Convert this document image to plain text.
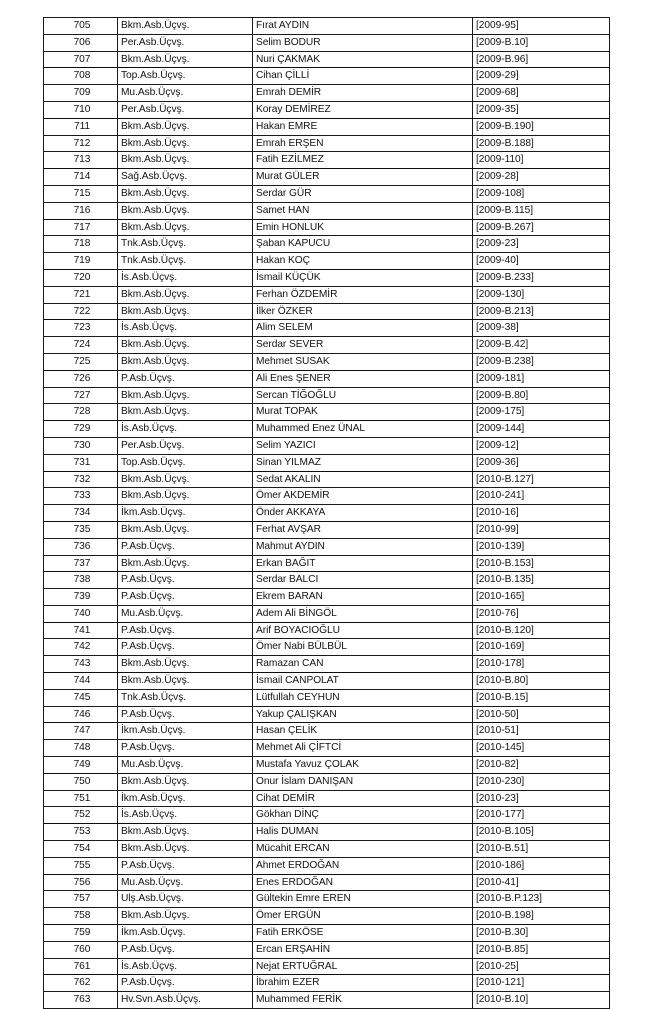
705	Bkm.Asb.Üçvş.	Fırat AYDIN	[2009-95]
706	Per.Asb.Üçvş.	Selim BODUR	[2009-B.10]
707	Bkm.Asb.Üçvş.	Nuri ÇAKMAK	[2009-B.96]
708	Top.Asb.Üçvş.	Cihan ÇİLLİ	[2009-29]
709	Mu.Asb.Üçvş.	Emrah DEMİR	[2009-68]
710	Per.Asb.Üçvş.	Koray DEMİREZ	[2009-35]
711	Bkm.Asb.Üçvş.	Hakan EMRE	[2009-B.190]
712	Bkm.Asb.Üçvş.	Emrah ERŞEN	[2009-B.188]
713	Bkm.Asb.Üçvş.	Fatih EZİLMEZ	[2009-110]
714	Sağ.Asb.Üçvş.	Murat GÜLER	[2009-28]
715	Bkm.Asb.Üçvş.	Serdar GÜR	[2009-108]
716	Bkm.Asb.Üçvş.	Samet HAN	[2009-B.115]
717	Bkm.Asb.Üçvş.	Emin HONLUK	[2009-B.267]
718	Tnk.Asb.Üçvş.	Şaban KAPUCU	[2009-23]
719	Tnk.Asb.Üçvş.	Hakan KOÇ	[2009-40]
720	İs.Asb.Üçvş.	İsmail KÜÇÜK	[2009-B.233]
721	Bkm.Asb.Üçvş.	Ferhan ÖZDEMİR	[2009-130]
722	Bkm.Asb.Üçvş.	İlker ÖZKER	[2009-B.213]
723	İs.Asb.Üçvş.	Alim SELEM	[2009-38]
724	Bkm.Asb.Üçvş.	Serdar SEVER	[2009-B.42]
725	Bkm.Asb.Üçvş.	Mehmet SUSAK	[2009-B.238]
726	P.Asb.Üçvş.	Ali Enes ŞENER	[2009-181]
727	Bkm.Asb.Üçvş.	Sercan TİĞOĞLU	[2009-B.80]
728	Bkm.Asb.Üçvş.	Murat TOPAK	[2009-175]
729	İs.Asb.Üçvş.	Muhammed Enez ÜNAL	[2009-144]
730	Per.Asb.Üçvş.	Selim YAZICI	[2009-12]
731	Top.Asb.Üçvş.	Sinan YILMAZ	[2009-36]
732	Bkm.Asb.Üçvş.	Sedat AKALIN	[2010-B.127]
733	Bkm.Asb.Üçvş.	Ömer AKDEMİR	[2010-241]
734	İkm.Asb.Üçvş.	Önder AKKAYA	[2010-16]
735	Bkm.Asb.Üçvş.	Ferhat AVŞAR	[2010-99]
736	P.Asb.Üçvş.	Mahmut AYDIN	[2010-139]
737	Bkm.Asb.Üçvş.	Erkan BAĞIT	[2010-B.153]
738	P.Asb.Üçvş.	Serdar BALCI	[2010-B.135]
739	P.Asb.Üçvş.	Ekrem BARAN	[2010-165]
740	Mu.Asb.Üçvş.	Adem Ali BİNGÖL	[2010-76]
741	P.Asb.Üçvş.	Arif BOYACIOĞLU	[2010-B.120]
742	P.Asb.Üçvş.	Ömer Nabi BÜLBÜL	[2010-169]
743	Bkm.Asb.Üçvş.	Ramazan CAN	[2010-178]
744	Bkm.Asb.Üçvş.	İsmail CANPOLAT	[2010-B.80]
745	Tnk.Asb.Üçvş.	Lütfullah CEYHUN	[2010-B.15]
746	P.Asb.Üçvş.	Yakup ÇALIŞKAN	[2010-50]
747	İkm.Asb.Üçvş.	Hasan ÇELİK	[2010-51]
748	P.Asb.Üçvş.	Mehmet Ali ÇİFTCİ	[2010-145]
749	Mu.Asb.Üçvş.	Mustafa Yavuz ÇOLAK	[2010-82]
750	Bkm.Asb.Üçvş.	Onur İslam DANIŞAN	[2010-230]
751	İkm.Asb.Üçvş.	Cihat DEMİR	[2010-23]
752	İs.Asb.Üçvş.	Gökhan DİNÇ	[2010-177]
753	Bkm.Asb.Üçvş.	Halis DUMAN	[2010-B.105]
754	Bkm.Asb.Üçvş.	Mücahit ERCAN	[2010-B.51]
755	P.Asb.Üçvş.	Ahmet ERDOĞAN	[2010-186]
756	Mu.Asb.Üçvş.	Enes ERDOĞAN	[2010-41]
757	Ulş.Asb.Üçvş.	Gültekin Emre EREN	[2010-B.P.123]
758	Bkm.Asb.Üçvş.	Ömer ERGÜN	[2010-B.198]
759	İkm.Asb.Üçvş.	Fatih ERKÖSE	[2010-B.30]
760	P.Asb.Üçvş.	Ercan ERŞAHİN	[2010-B.85]
761	İs.Asb.Üçvş.	Nejat ERTUĞRAL	[2010-25]
762	P.Asb.Üçvş.	İbrahim EZER	[2010-121]
763	Hv.Svn.Asb.Üçvş.	Muhammed FERİK	[2010-B.10]
